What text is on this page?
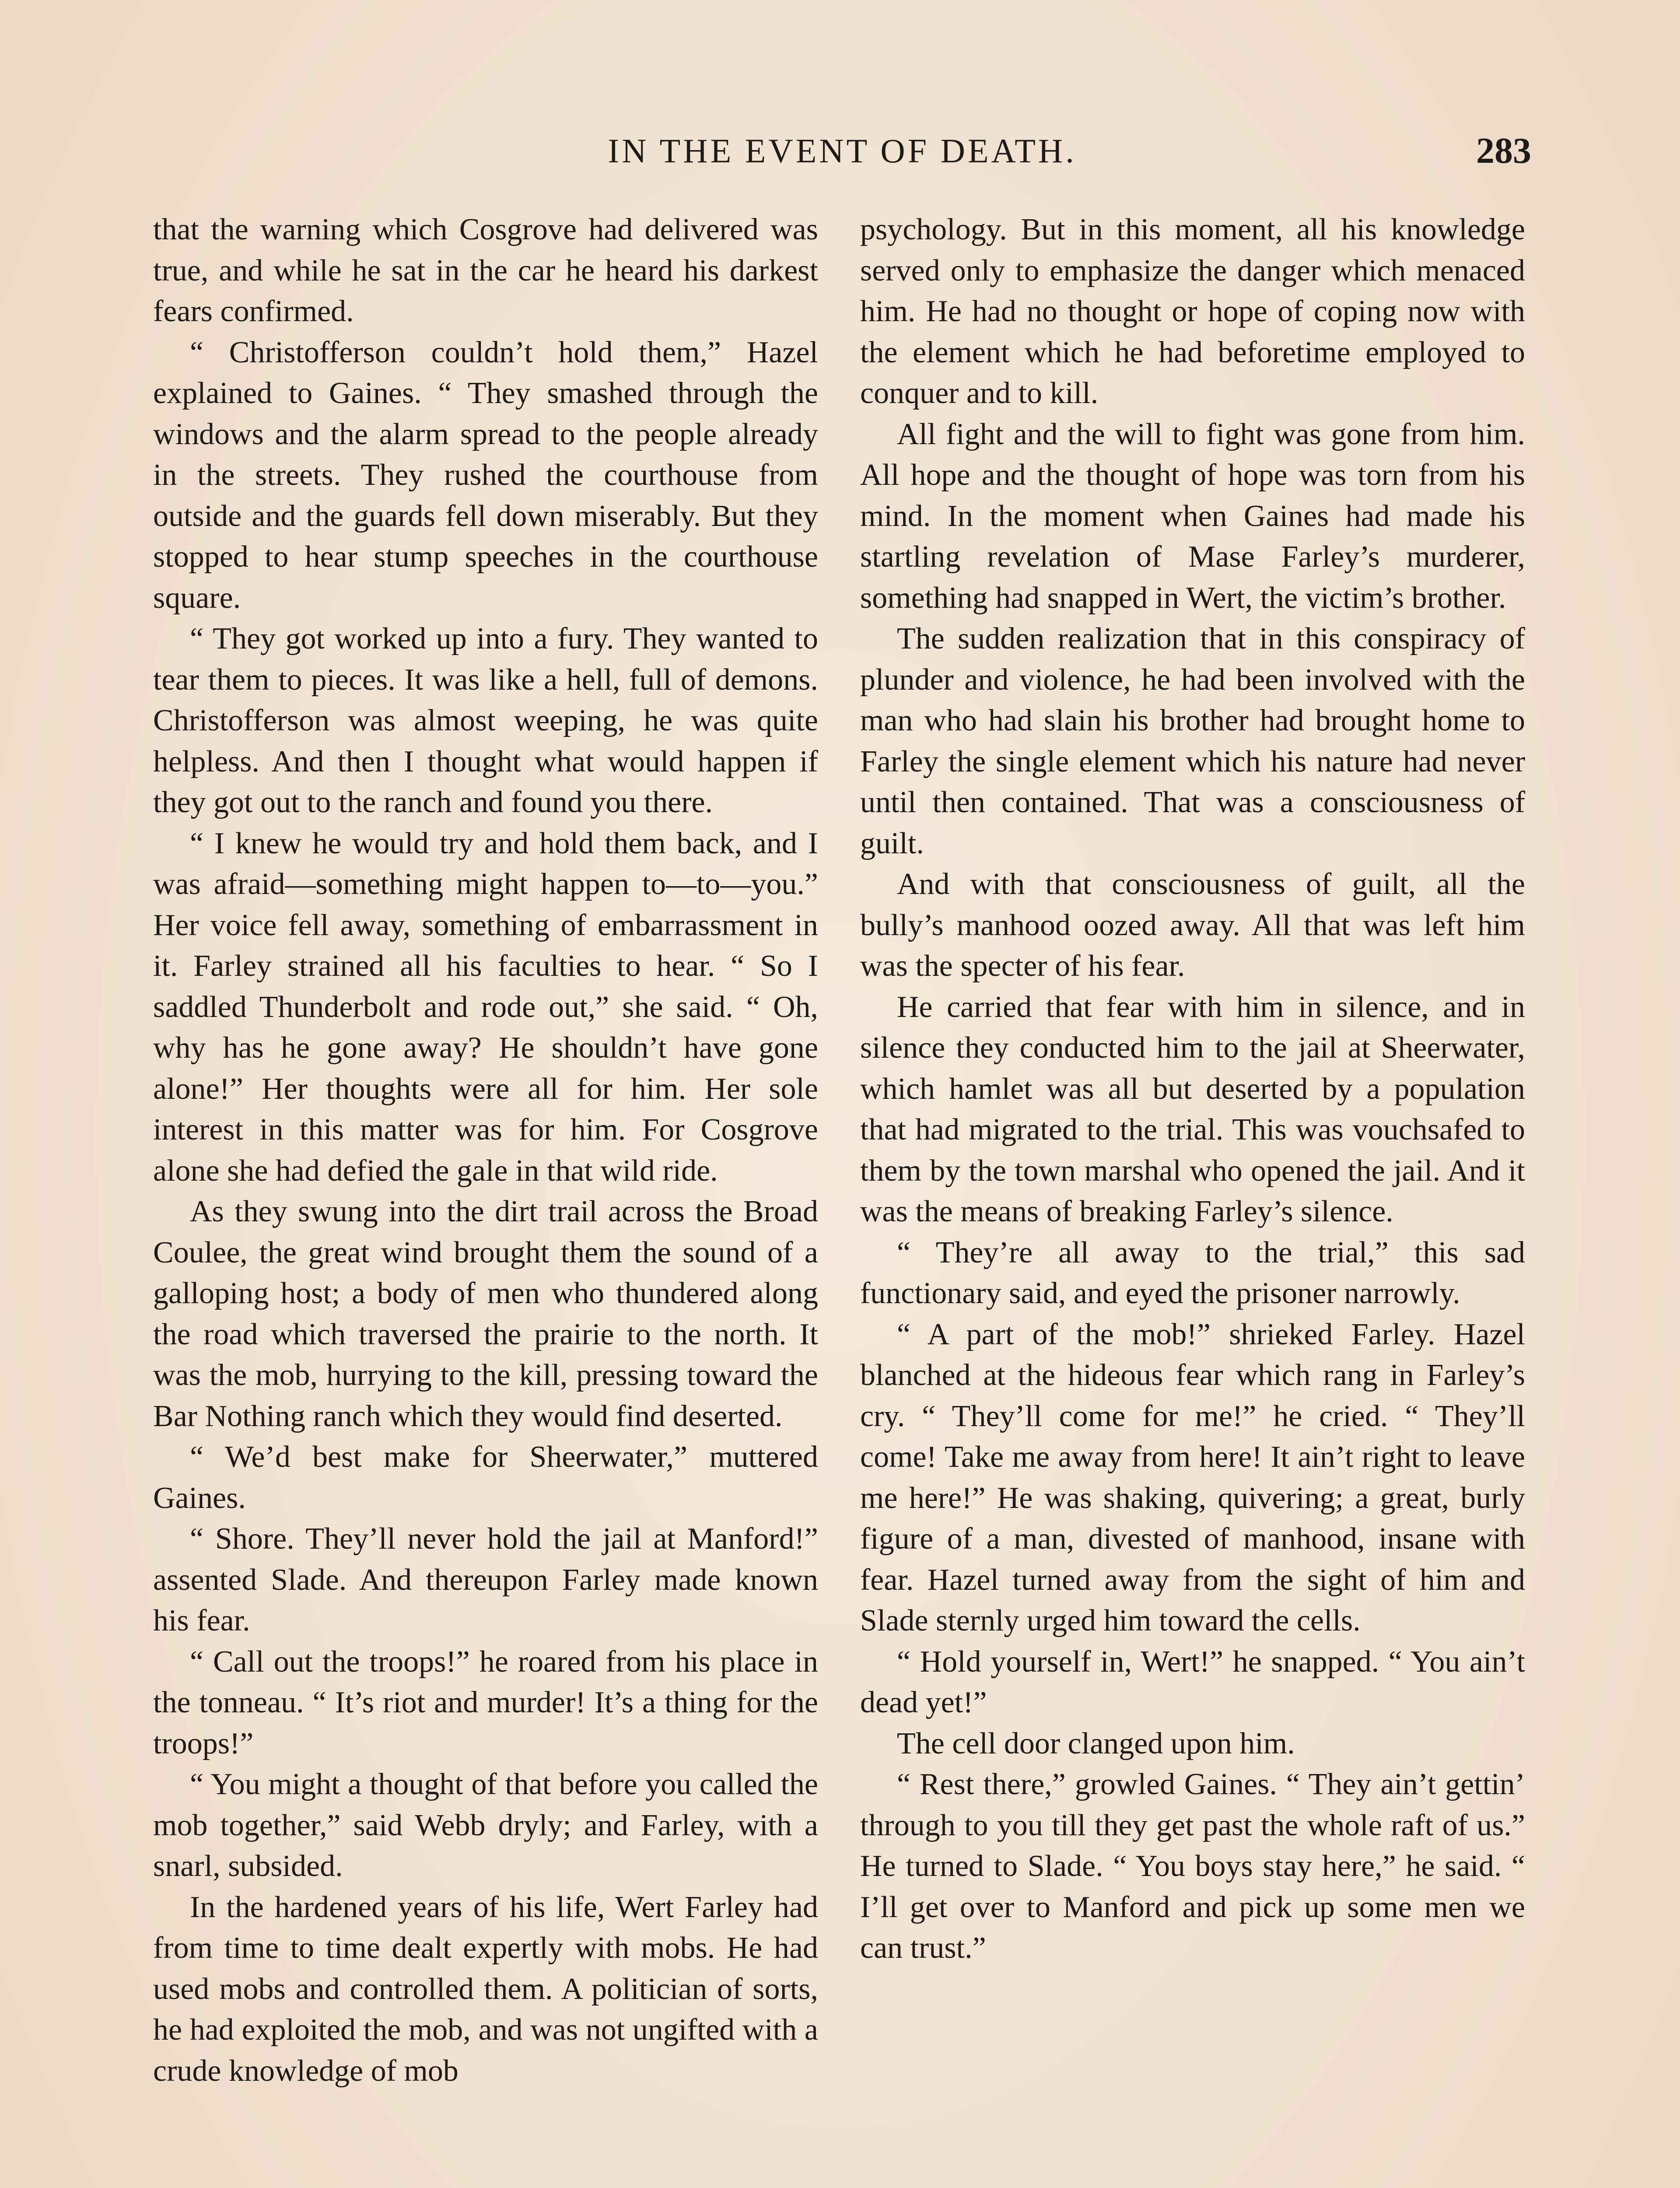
IN THE EVENT OF DEATH.	283

that the warning which Cosgrove had delivered was true, and while he sat in the car he heard his darkest fears confirmed.

“ Christofferson couldn’t hold them,” Hazel explained to Gaines. “ They smashed through the windows and the alarm spread to the people already in the streets. They rushed the courthouse from outside and the guards fell down miserably. But they stopped to hear stump speeches in the courthouse square.

“ They got worked up into a fury. They wanted to tear them to pieces. It was like a hell, full of demons. Christofferson was almost weeping, he was quite helpless. And then I thought what would happen if they got out to the ranch and found you there.

“ I knew he would try and hold them back, and I was afraid—something might happen to—to—you.” Her voice fell away, something of embarrassment in it. Farley strained all his faculties to hear. “ So I saddled Thunderbolt and rode out,” she said. “ Oh, why has he gone away? He shouldn’t have gone alone!” Her thoughts were all for him. Her sole interest in this matter was for him. For Cosgrove alone she had defied the gale in that wild ride.

As they swung into the dirt trail across the Broad Coulee, the great wind brought them the sound of a galloping host; a body of men who thundered along the road which traversed the prairie to the north. It was the mob, hurrying to the kill, pressing toward the Bar Nothing ranch which they would find deserted.

“ We’d best make for Sheerwater,” muttered Gaines.

“ Shore. They’ll never hold the jail at Manford!” assented Slade. And thereupon Farley made known his fear.

“ Call out the troops!” he roared from his place in the tonneau. “ It’s riot and murder! It’s a thing for the troops!”

“ You might a thought of that before you called the mob together,” said Webb dryly; and Farley, with a snarl, subsided.

In the hardened years of his life, Wert Farley had from time to time dealt expertly with mobs. He had used mobs and controlled them. A politician of sorts, he had exploited the mob, and was not ungifted with a crude knowledge of mob

psychology. But in this moment, all his knowledge served only to emphasize the danger which menaced him. He had no thought or hope of coping now with the element which he had beforetime employed to conquer and to kill.

All fight and the will to fight was gone from him. All hope and the thought of hope was torn from his mind. In the moment when Gaines had made his startling revelation of Mase Farley’s murderer, something had snapped in Wert, the victim’s brother.

The sudden realization that in this conspiracy of plunder and violence, he had been involved with the man who had slain his brother had brought home to Farley the single element which his nature had never until then contained. That was a consciousness of guilt.

And with that consciousness of guilt, all the bully’s manhood oozed away. All that was left him was the specter of his fear.

He carried that fear with him in silence, and in silence they conducted him to the jail at Sheerwater, which hamlet was all but deserted by a population that had migrated to the trial. This was vouchsafed to them by the town marshal who opened the jail. And it was the means of breaking Farley’s silence.

“ They’re all away to the trial,” this sad functionary said, and eyed the prisoner narrowly.

“ A part of the mob!” shrieked Farley. Hazel blanched at the hideous fear which rang in Farley’s cry. “ They’ll come for me!” he cried. “ They’ll come! Take me away from here! It ain’t right to leave me here!” He was shaking, quivering; a great, burly figure of a man, divested of manhood, insane with fear. Hazel turned away from the sight of him and Slade sternly urged him toward the cells.

“ Hold yourself in, Wert!” he snapped. “ You ain’t dead yet!”

The cell door clanged upon him.

“ Rest there,” growled Gaines. “ They ain’t gettin’ through to you till they get past the whole raft of us.” He turned to Slade. “ You boys stay here,” he said. “ I’ll get over to Manford and pick up some men we can trust.”
